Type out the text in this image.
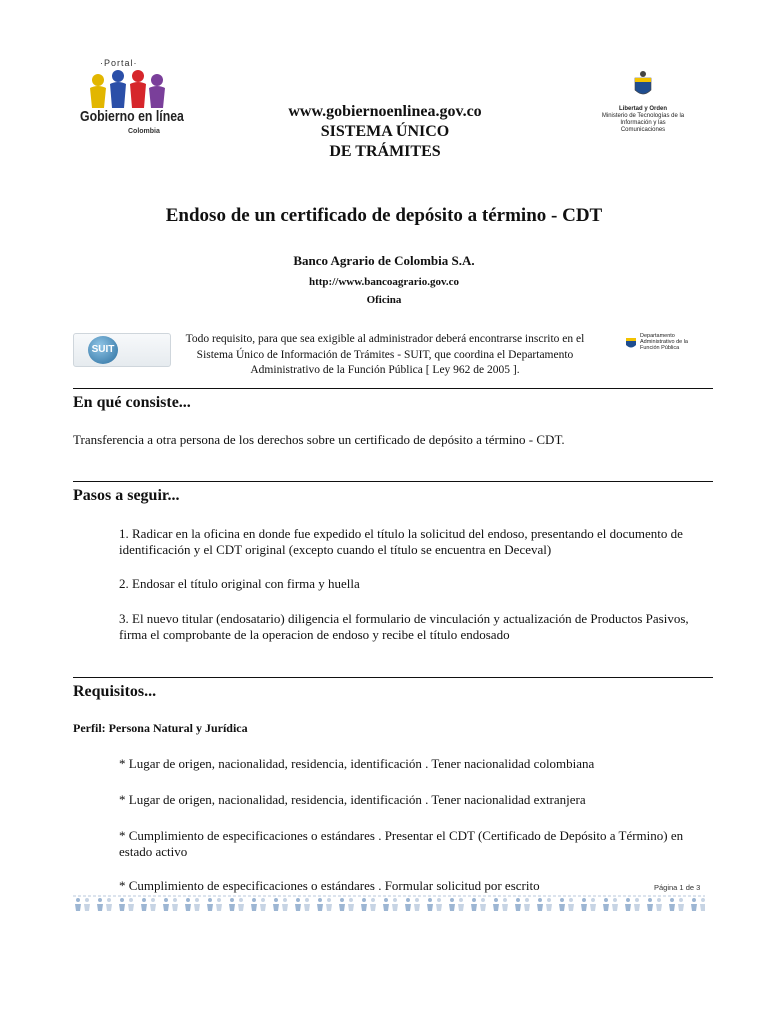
·Portal·
Gobierno en línea
Colombia
Libertad y Orden
Ministerio de Tecnologías de la Información y las Comunicaciones
www.gobiernoenlinea.gov.co
SISTEMA ÚNICO
DE TRÁMITES
Endoso de un certificado de depósito a término - CDT
Banco Agrario de Colombia S.A.
http://www.bancoagrario.gov.co
Oficina
SUIT
Todo requisito, para que sea exigible al administrador deberá encontrarse inscrito en el Sistema Único de Información de Trámites - SUIT, que coordina el Departamento Administrativo de la Función Pública [ Ley 962 de 2005 ].
Departamento Administrativo de la Función Pública
En qué consiste...
Transferencia a otra persona de los derechos sobre un certificado de depósito a término - CDT.
Pasos a seguir...
1. Radicar en la oficina en donde fue expedido el título la solicitud del endoso, presentando el documento de identificación y el CDT original (excepto cuando el título se encuentra en Deceval)
2. Endosar el título original con firma y huella
3. El nuevo titular (endosatario) diligencia el formulario de vinculación y actualización de Productos Pasivos, firma el comprobante de la operacion de endoso y recibe el título endosado
Requisitos...
Perfil: Persona Natural y Jurídica
* Lugar de origen, nacionalidad, residencia, identificación . Tener nacionalidad colombiana
* Lugar de origen, nacionalidad, residencia, identificación . Tener nacionalidad extranjera
* Cumplimiento de especificaciones o estándares . Presentar el CDT (Certificado de Depósito a Término) en estado activo
* Cumplimiento de especificaciones o estándares . Formular solicitud por escrito	Página 1 de 3
